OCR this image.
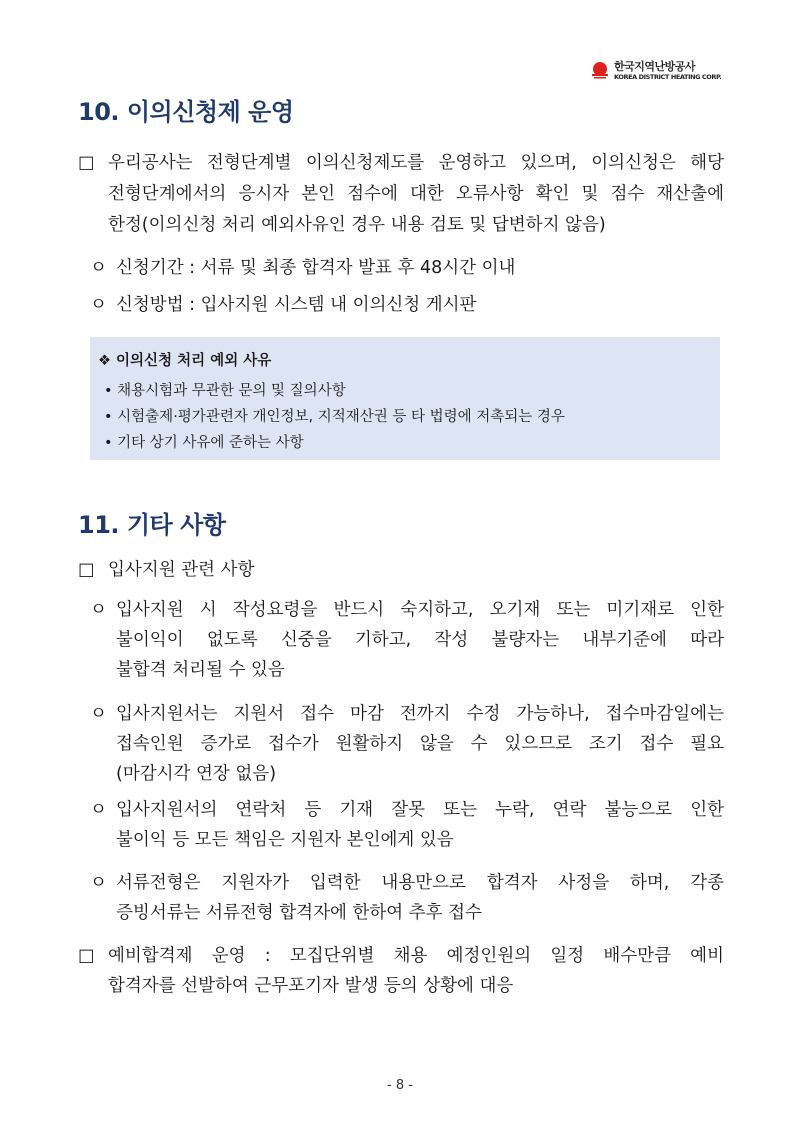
한국지역난방공사
KOREA DISTRICT HEATING CORP.
10. 이의신청제 운영
□ 우리공사는 전형단계별 이의신청제도를 운영하고 있으며, 이의신청은 해당
전형단계에서의 응시자 본인 점수에 대한 오류사항 확인 및 점수 재산출에
한정(이의신청 처리 예외사유인 경우 내용 검토 및 답변하지 않음)
ㅇ 신청기간 : 서류 및 최종 합격자 발표 후 48시간 이내
ㅇ 신청방법 : 입사지원 시스템 내 이의신청 게시판
❖ 이의신청 처리 예외 사유
• 채용시험과 무관한 문의 및 질의사항
• 시험출제·평가관련자 개인정보, 지적재산권 등 타 법령에 저촉되는 경우
• 기타 상기 사유에 준하는 사항
11. 기타 사항
□ 입사지원 관련 사항
ㅇ 입사지원 시 작성요령을 반드시 숙지하고, 오기재 또는 미기재로 인한
불이익이 없도록 신중을 기하고, 작성 불량자는 내부기준에 따라
불합격 처리될 수 있음
ㅇ 입사지원서는 지원서 접수 마감 전까지 수정 가능하나, 접수마감일에는
접속인원 증가로 접수가 원활하지 않을 수 있으므로 조기 접수 필요
(마감시각 연장 없음)
ㅇ 입사지원서의 연락처 등 기재 잘못 또는 누락, 연락 불능으로 인한
불이익 등 모든 책임은 지원자 본인에게 있음
ㅇ 서류전형은 지원자가 입력한 내용만으로 합격자 사정을 하며, 각종
증빙서류는 서류전형 합격자에 한하여 추후 접수
□ 예비합격제 운영 : 모집단위별 채용 예정인원의 일정 배수만큼 예비
합격자를 선발하여 근무포기자 발생 등의 상황에 대응
- 8 -
